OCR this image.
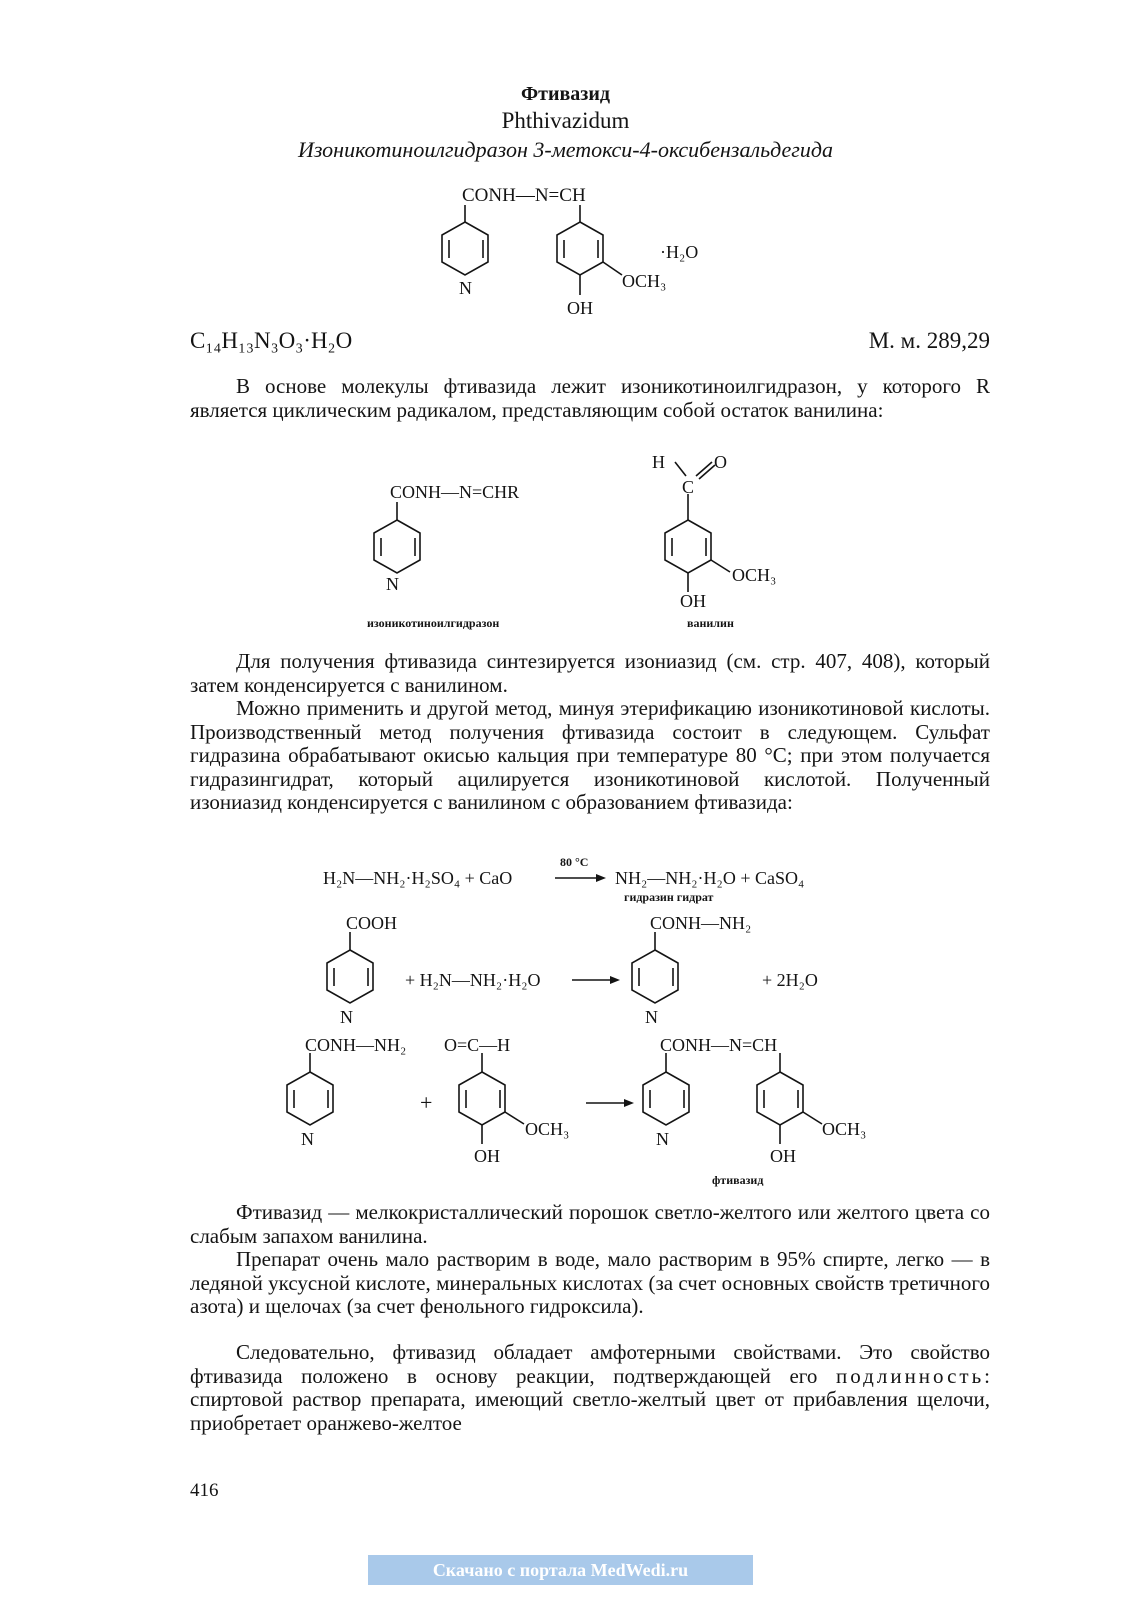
Фтивазид
Phthivazidum
Изоникотиноилгидразон 3-метокси-4-оксибензальдегида
CONH—N=CH
N
OH
OCH₃
·H₂O
C₁₄H₁₃N₃O₃·H₂O	М. м. 289,29

В основе молекулы фтивазида лежит изоникотиноилгидразон, у которого R является циклическим радикалом, представляющим собой остаток ванилина:

CONH—N=CHR
N
изоникотиноилгидразон
H	O
C
OCH₃
OH
ванилин

Для получения фтивазида синтезируется изониазид (см. стр. 407, 408), который затем конденсируется с ванилином.

Можно применить и другой метод, минуя этерификацию изоникотиновой кислоты. Производственный метод получения фтивазида состоит в следующем. Сульфат гидразина обрабатывают окисью кальция при температуре 80 °С; при этом получается гидразингидрат, который ацилируется изоникотиновой кислотой. Полученный изониазид конденсируется с ванилином с образованием фтивазида:

H₂N—NH₂·H₂SO₄ + CaO
80 °C
NH₂—NH₂·H₂O + CaSO₄
гидразин гидрат
COOH
N
+ H₂N—NH₂·H₂O
CONH—NH₂
N
+ 2H₂O
CONH—NH₂
N
+
O=C—H
OCH₃
OH
CONH—N=CH
N	OCH₃
OH
фтивазид

Фтивазид — мелкокристаллический порошок светло-желтого или желтого цвета со слабым запахом ванилина.

Препарат очень мало растворим в воде, мало растворим в 95% спирте, легко — в ледяной уксусной кислоте, минеральных кислотах (за счет основных свойств третичного азота) и щелочах (за счет фенольного гидроксила).

Следовательно, фтивазид обладает амфотерными свойствами. Это свойство фтивазида положено в основу реакции, подтверждающей его подлинность: спиртовой раствор препарата, имеющий светло-желтый цвет от прибавления щелочи, приобретает оранжево-желтое

416
Скачано с портала MedWedi.ru
